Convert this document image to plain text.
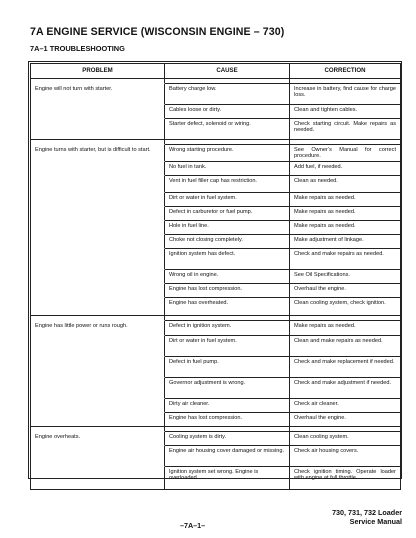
7A ENGINE SERVICE (WISCONSIN ENGINE – 730)
7A–1 TROUBLESHOOTING
PROBLEM	CAUSE	CORRECTION

Engine will not turn with starter.	Battery charge low.	Increase in battery, find cause for charge loss.
	Cables loose or dirty.	Clean and tighten cables.
	Starter defect, solenoid or wiring.	Check starting circuit. Make repairs as needed.

Engine turns with starter, but is difficult to start.	Wrong starting procedure.	See Owner’s Manual for correct procedure.
	No fuel in tank.	Add fuel, if needed.
	Vent in fuel filler cap has restriction.	Clean as needed.
	Dirt or water in fuel system.	Make repairs as needed.
	Defect in carburetor or fuel pump.	Make repairs as needed.
	Hole in fuel line.	Make repairs as needed.
	Choke not closing completely.	Make adjustment of linkage.
	Ignition system has defect.	Check and make repairs as needed.
	Wrong oil in engine.	See Oil Specifications.
	Engine has lost compression.	Overhaul the engine.
	Engine has overheated.	Clean cooling system, check ignition.

Engine has little power or runs rough.	Defect in ignition system.	Make repairs as needed.
	Dirt or water in fuel system.	Clean and make repairs as needed.
	Defect in fuel pump.	Check and make replacement if needed.
	Governor adjustment is wrong.	Check and make adjustment if needed.
	Dirty air cleaner.	Check air cleaner.
	Engine has lost compression.	Overhaul the engine.

Engine overheats.	Cooling system is dirty.	Clean cooling system.
	Engine air housing cover damaged or missing.	Check air housing covers.
	Ignition system set wrong. Engine is overloaded.	Check ignition timing. Operate loader with engine at full throttle.
–7A–1–
730, 731, 732 Loader
Service Manual
